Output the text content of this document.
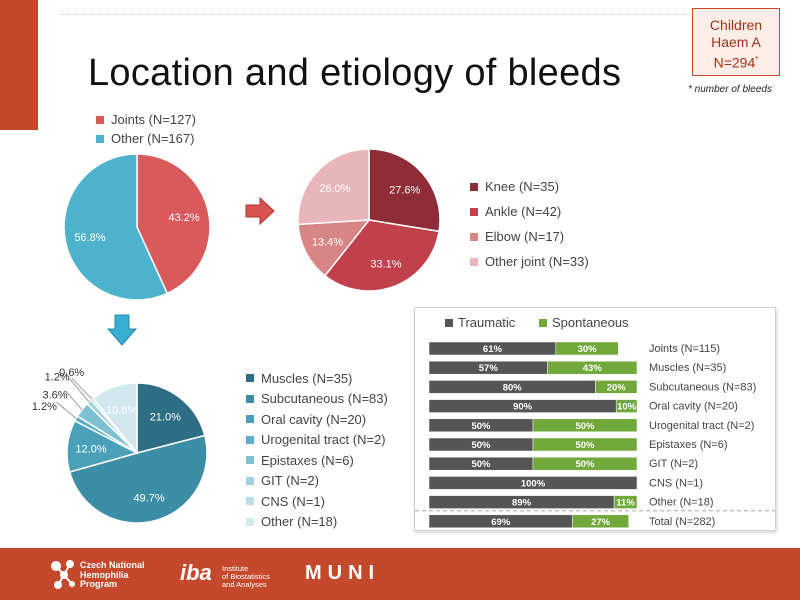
Location and etiology of bleeds
Children
Haem A
N=294*
* number of bleeds
Joints (N=127)
Other (N=167)
43.2%
56.8%
27.6%
33.1%
13.4%
26.0%	Knee (N=35)
Ankle (N=42)
Elbow (N=17)
Other joint (N=33)
21.0%
49.7%
12.0%
1.2%
3.6%
1.2%
0.6%
10.8%
Muscles (N=35)
Subcutaneous (N=83)
Oral cavity (N=20)
Urogenital tract (N=2)
Epistaxes (N=6)
GIT (N=2)
CNS (N=1)
Other (N=18)
Traumatic	Spontaneous
61%	30%	Joints (N=115)
57%	43%	Muscles (N=35)
80%	20% Subcutaneous (N=83)
90%	10% Oral cavity (N=20)
50%	50%	Urogenital tract (N=2)
50%	50%	Epistaxes (N=6)
50%	50%	GIT (N=2)
100%	CNS (N=1)
89%	11% Other (N=18)
69%	27%	Total (N=282)
Czech National
Hemophilia
Program	iba Institute
of Biostatistics
and Analyses
MUNI
